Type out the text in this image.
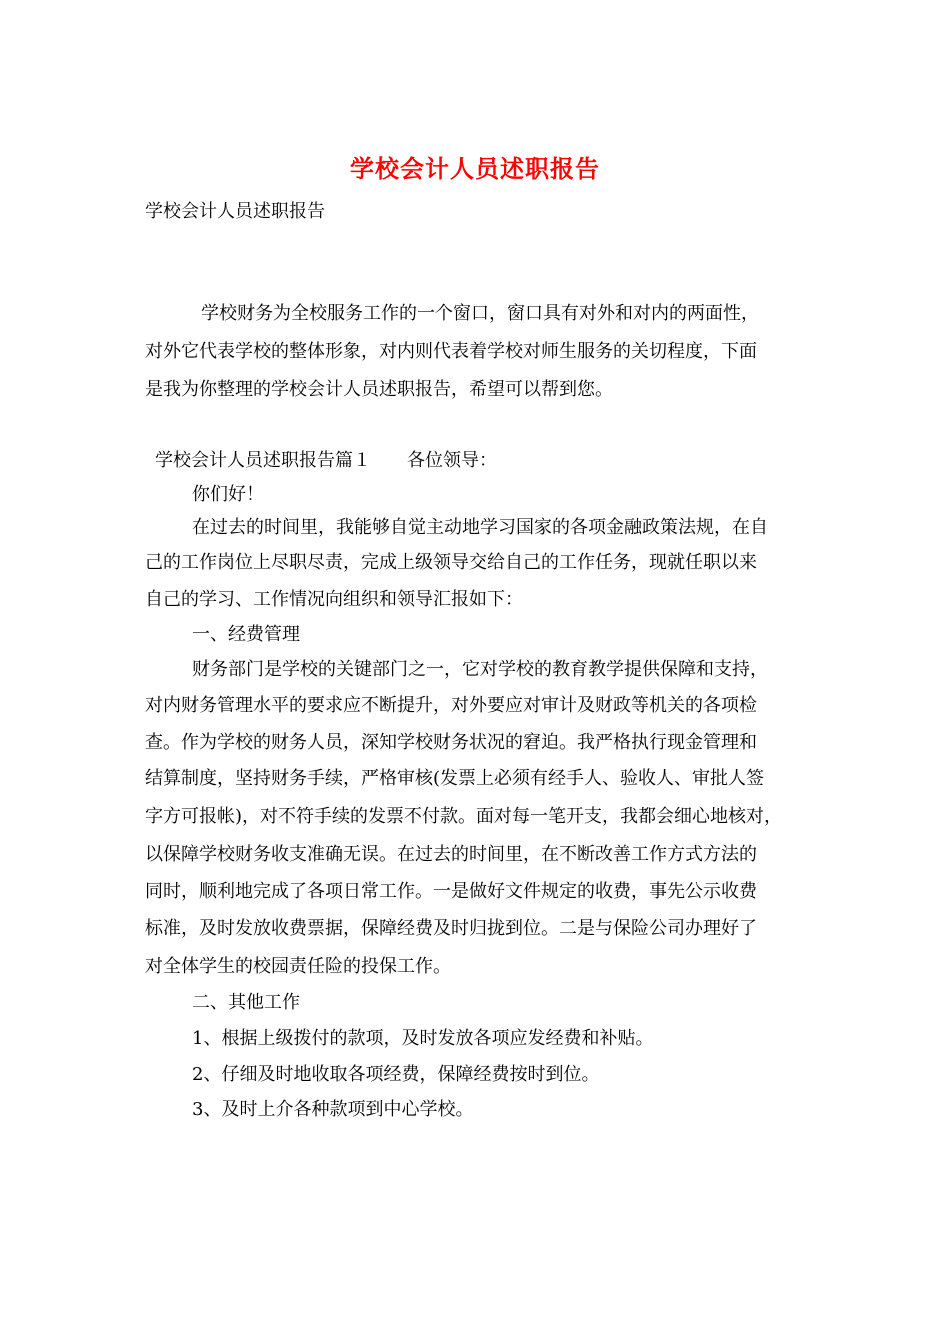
学校会计人员述职报告
学校会计人员述职报告
学校财务为全校服务工作的一个窗口，窗口具有对外和对内的两面性，
对外它代表学校的整体形象，对内则代表着学校对师生服务的关切程度，下面
是我为你整理的学校会计人员述职报告，希望可以帮到您。
学校会计人员述职报告篇１　　各位领导：
你们好！
在过去的时间里，我能够自觉主动地学习国家的各项金融政策法规，在自
己的工作岗位上尽职尽责，完成上级领导交给自己的工作任务，现就任职以来
自己的学习、工作情况向组织和领导汇报如下：
一、经费管理
财务部门是学校的关键部门之一，它对学校的教育教学提供保障和支持，
对内财务管理水平的要求应不断提升，对外要应对审计及财政等机关的各项检
查。作为学校的财务人员，深知学校财务状况的窘迫。我严格执行现金管理和
结算制度，坚持财务手续，严格审核(发票上必须有经手人、验收人、审批人签
字方可报帐)，对不符手续的发票不付款。面对每一笔开支，我都会细心地核对，
以保障学校财务收支准确无误。在过去的时间里，在不断改善工作方式方法的
同时，顺利地完成了各项日常工作。一是做好文件规定的收费，事先公示收费
标准，及时发放收费票据，保障经费及时归拢到位。二是与保险公司办理好了
对全体学生的校园责任险的投保工作。
二、其他工作
1、根据上级拨付的款项，及时发放各项应发经费和补贴。
2、仔细及时地收取各项经费，保障经费按时到位。
3、及时上介各种款项到中心学校。
